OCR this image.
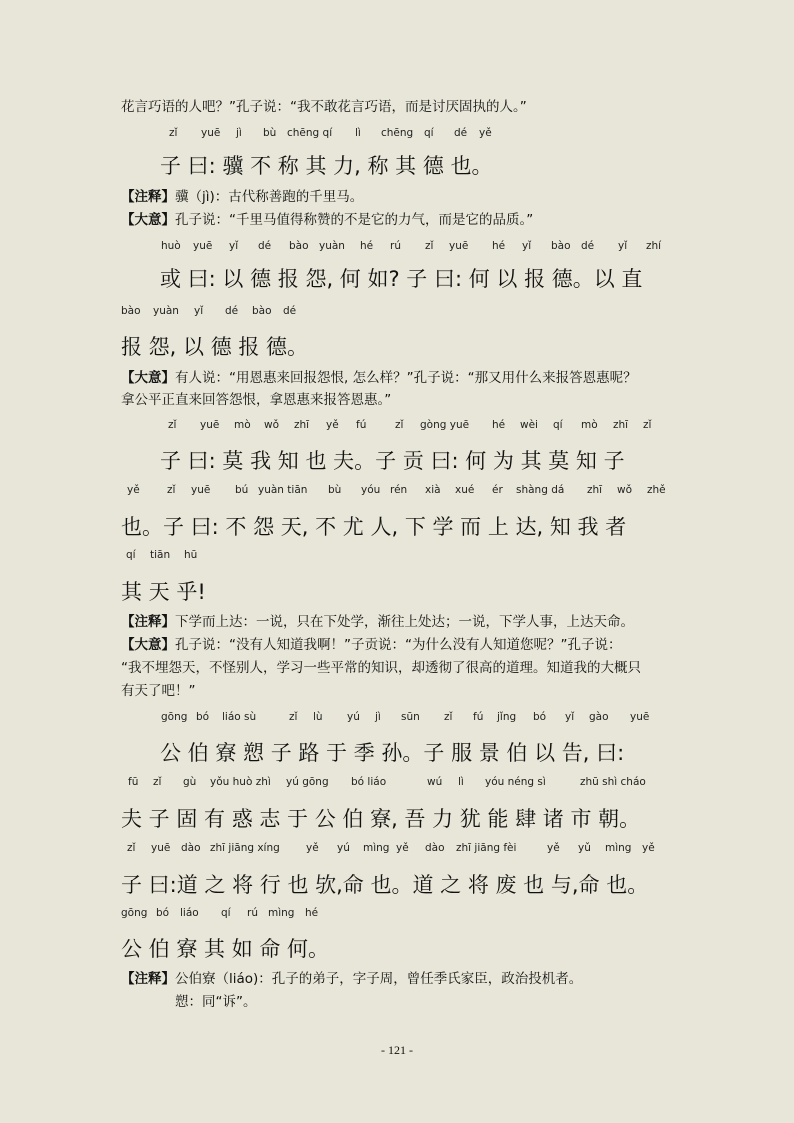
花言巧语的人吧？”孔子说：“我不敢花言巧语，而是讨厌固执的人。”
zǐ yuē jì bù chēng qí lì chēng qí dé yě
子 曰: 骥 不 称 其 力, 称 其 德 也。
【注释】骥（jì)：古代称善跑的千里马。
【大意】孔子说：“千里马值得称赞的不是它的力气，而是它的品质。”
huò yuē yǐ dé bào yuàn hé rú zǐ yuē hé yǐ bào dé yǐ zhí
或 曰: 以 德 报 怨, 何 如? 子 曰: 何 以 报 德。以 直
bào yuàn yǐ dé bào dé
报 怨, 以 德 报 德。
【大意】有人说：“用恩惠来回报怨恨, 怎么样？”孔子说：“那又用什么来报答恩惠呢？
拿公平正直来回答怨恨，拿恩惠来报答恩惠。”
zǐ yuē mò wǒ zhī yě fú	zǐ gòng yuē hé wèi qí mò zhī zǐ
子 曰: 莫 我 知 也 夫。子 贡 曰: 何 为 其 莫 知 子
yě	zǐ yuē bú yuàn tiān bù yóu rén xià xué ér shàng dá zhī wǒ zhě
也。子 曰: 不 怨 天, 不 尤 人, 下 学 而 上 达, 知 我 者
qí tiān hū
其 天 乎!
【注释】下学而上达：一说，只在下处学，渐往上处达；一说，下学人事，上达天命。
【大意】孔子说：“没有人知道我啊！”子贡说：“为什么没有人知道您呢？”孔子说：
“我不埋怨天，不怪别人，学习一些平常的知识，却透彻了很高的道理。知道我的大概只
有天了吧！”
gōng bó liáo sù	zǐ lù yú jì sūn zǐ fú jǐng bó yǐ gào yuē
公 伯 寮 愬 子 路 于 季 孙。子 服 景 伯 以 告, 曰:
fū zǐ gù yǒu huò zhì yú gōng bó liáo	wú lì yóu néng sì	zhū shì cháo
夫 子 固 有 惑 志 于 公 伯 寮, 吾 力 犹 能 肆 诸 市 朝。
zǐ yuē dào zhī jiāng xíng yě yú mìng yě dào zhī jiāng fèi	yě yǔ mìng yě
子 曰:道 之 将 行 也 欤,命 也。道 之 将 废 也 与,命 也。
gōng bó liáo qí rú mìng hé
公 伯 寮 其 如 命 何。
【注释】公伯寮（liáo)：孔子的弟子，字子周，曾任季氏家臣，政治投机者。
愬：同“诉”。
- 121 -
